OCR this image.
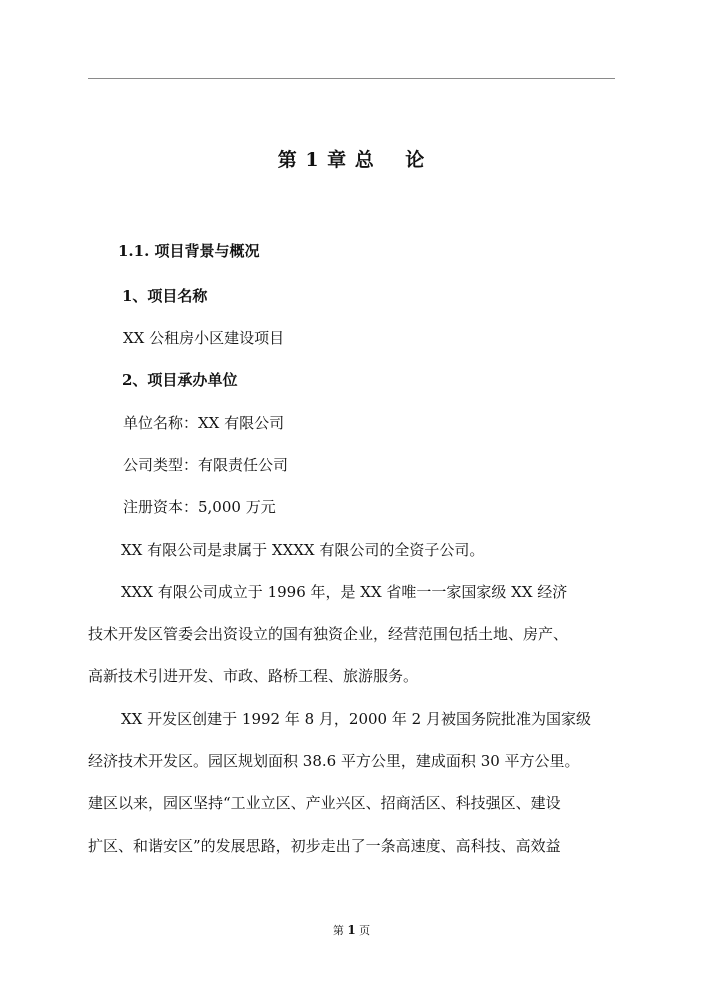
第 1 章 总    论
1.1. 项目背景与概况
1、项目名称
XX 公租房小区建设项目
2、项目承办单位
单位名称：XX 有限公司
公司类型：有限责任公司
注册资本：5,000 万元
XX 有限公司是隶属于 XXXX 有限公司的全资子公司。
XXX 有限公司成立于 1996 年，是 XX 省唯一一家国家级 XX 经济
技术开发区管委会出资设立的国有独资企业，经营范围包括土地、房产、
高新技术引进开发、市政、路桥工程、旅游服务。
XX 开发区创建于 1992 年 8 月，2000 年 2 月被国务院批准为国家级
经济技术开发区。园区规划面积 38.6 平方公里，建成面积 30 平方公里。
建区以来，园区坚持“工业立区、产业兴区、招商活区、科技强区、建设
扩区、和谐安区”的发展思路，初步走出了一条高速度、高科技、高效益
第 1 页
